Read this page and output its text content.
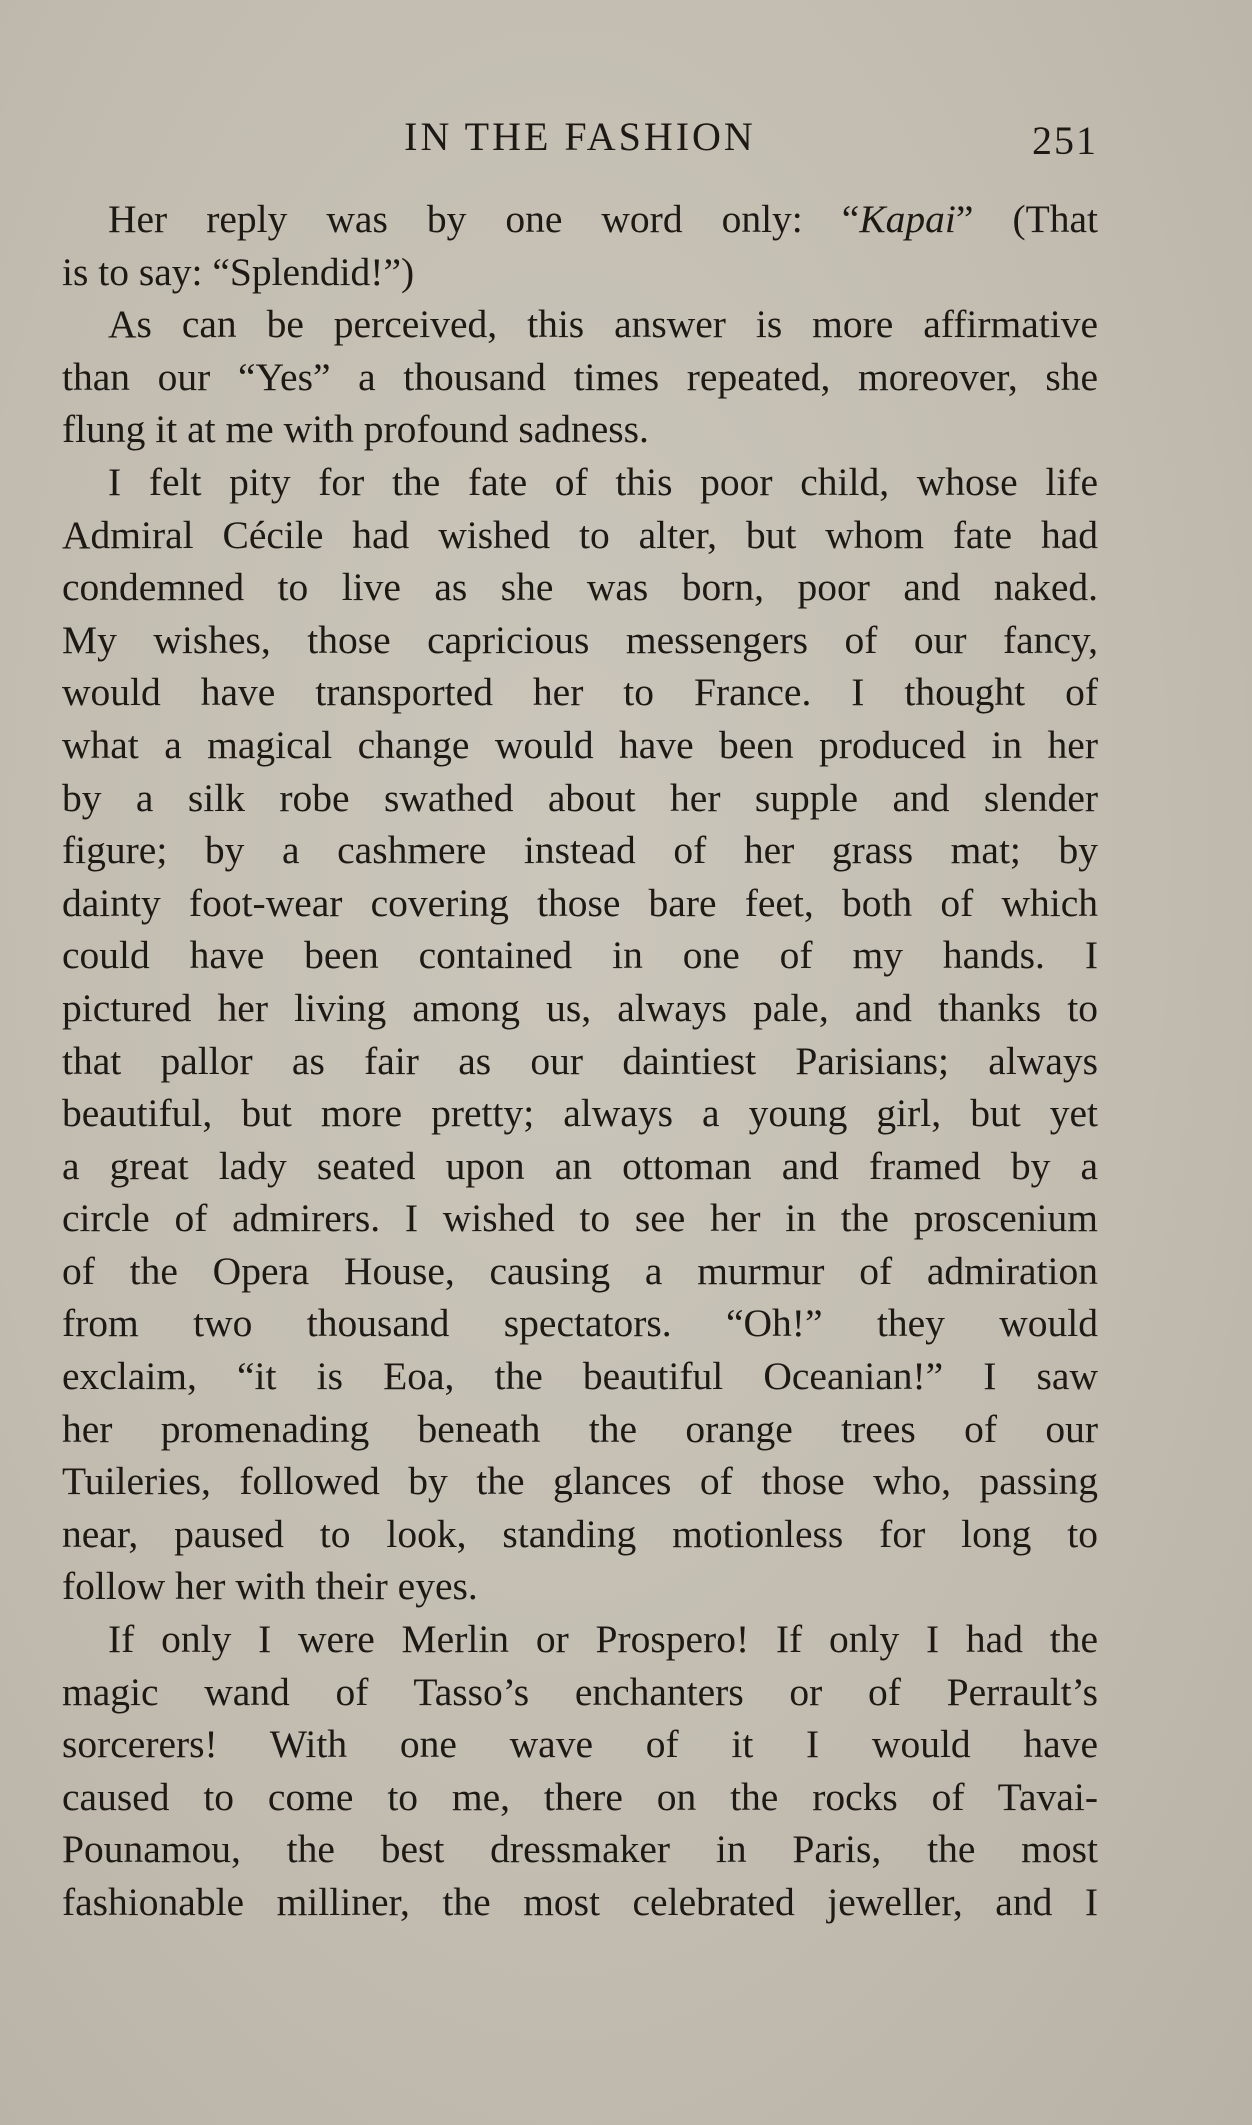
IN THE FASHION	251
Her reply was by one word only: “Kapai” (That
is to say: “Splendid!”)
As can be perceived, this answer is more affirmative
than our “Yes” a thousand times repeated, moreover, she
flung it at me with profound sadness.
I felt pity for the fate of this poor child, whose life
Admiral Cécile had wished to alter, but whom fate had
condemned to live as she was born, poor and naked.
My wishes, those capricious messengers of our fancy,
would have transported her to France. I thought of
what a magical change would have been produced in her
by a silk robe swathed about her supple and slender
figure; by a cashmere instead of her grass mat; by
dainty foot-wear covering those bare feet, both of which
could have been contained in one of my hands. I
pictured her living among us, always pale, and thanks to
that pallor as fair as our daintiest Parisians; always
beautiful, but more pretty; always a young girl, but yet
a great lady seated upon an ottoman and framed by a
circle of admirers. I wished to see her in the proscenium
of the Opera House, causing a murmur of admiration
from two thousand spectators. “Oh!” they would
exclaim, “it is Eoa, the beautiful Oceanian!” I saw
her promenading beneath the orange trees of our
Tuileries, followed by the glances of those who, passing
near, paused to look, standing motionless for long to
follow her with their eyes.
If only I were Merlin or Prospero! If only I had the
magic wand of Tasso’s enchanters or of Perrault’s
sorcerers! With one wave of it I would have
caused to come to me, there on the rocks of Tavai-
Pounamou, the best dressmaker in Paris, the most
fashionable milliner, the most celebrated jeweller, and I
